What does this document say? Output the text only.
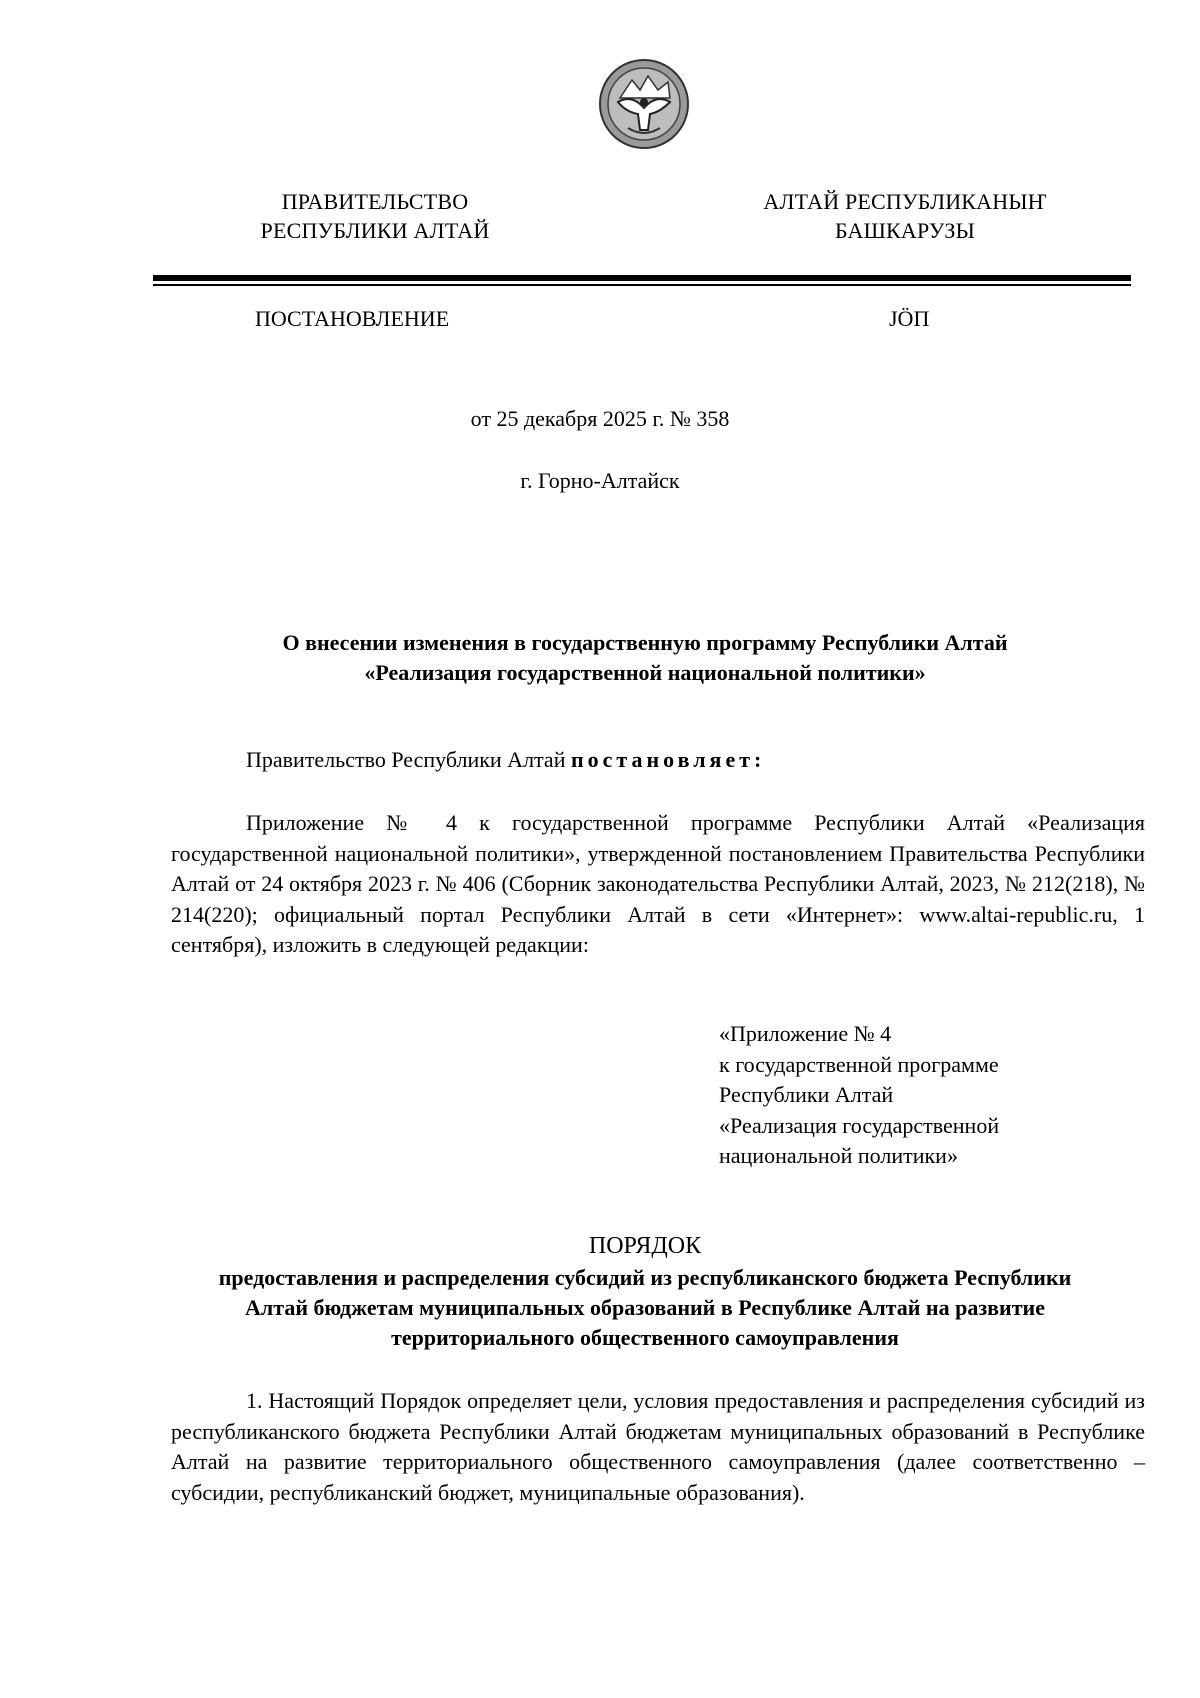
ПРАВИТЕЛЬСТВО
РЕСПУБЛИКИ АЛТАЙ
АЛТАЙ РЕСПУБЛИКАНЫҤ
БАШКАРУЗЫ
ПОСТАНОВЛЕНИЕ	JÖП
от 25 декабря 2025 г. № 358
г. Горно-Алтайск
О внесении изменения в государственную программу Республики Алтай
«Реализация государственной национальной политики»
Правительство Республики Алтай постановляет:
Приложение № 4 к государственной программе Республики Алтай «Реализация государственной национальной политики», утвержденной постановлением Правительства Республики Алтай от 24 октября 2023 г. № 406 (Сборник законодательства Республики Алтай, 2023, № 212(218), № 214(220); официальный портал Республики Алтай в сети «Интернет»: www.altai-republic.ru, 1 сентября), изложить в следующей редакции:
«Приложение № 4
к государственной программе
Республики Алтай
«Реализация государственной
национальной политики»
ПОРЯДОК
предоставления и распределения субсидий из республиканского бюджета Республики
Алтай бюджетам муниципальных образований в Республике Алтай на развитие
территориального общественного самоуправления
1. Настоящий Порядок определяет цели, условия предоставления и распределения субсидий из республиканского бюджета Республики Алтай бюджетам муниципальных образований в Республике Алтай на развитие территориального общественного самоуправления (далее соответственно – субсидии, республиканский бюджет, муниципальные образования).
